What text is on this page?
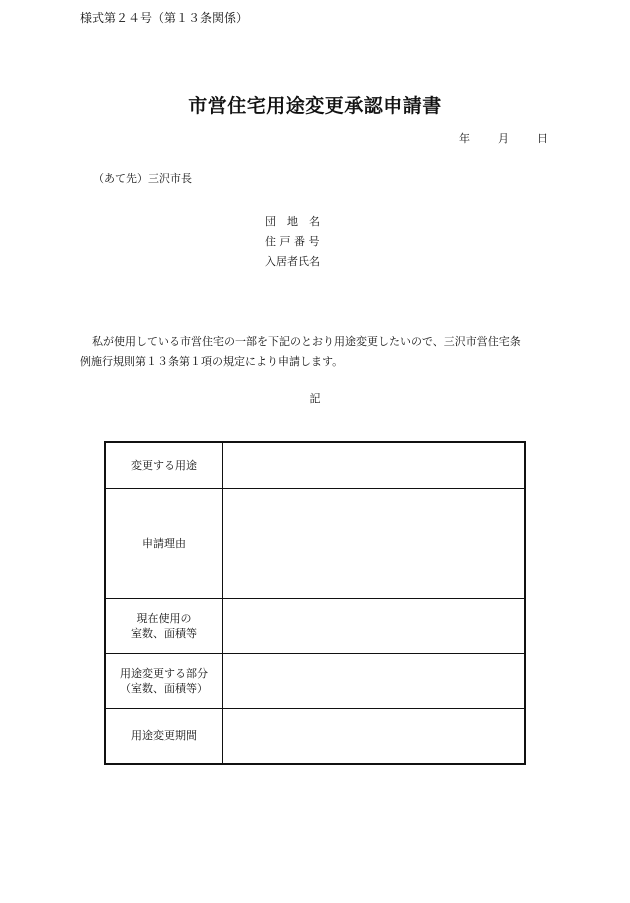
様式第２４号（第１３条関係）
市営住宅用途変更承認申請書
年	月	日
（あて先）三沢市長
団　地　名
住 戸 番 号
入居者氏名

私が使用している市営住宅の一部を下記のとおり用途変更したいので、三沢市営住宅条

例施行規則第１３条第１項の規定により申請します。

記
変更する用途	

申請理由	

現在使用の
室数、面積等	

用途変更する部分
（室数、面積等）	

用途変更期間	
